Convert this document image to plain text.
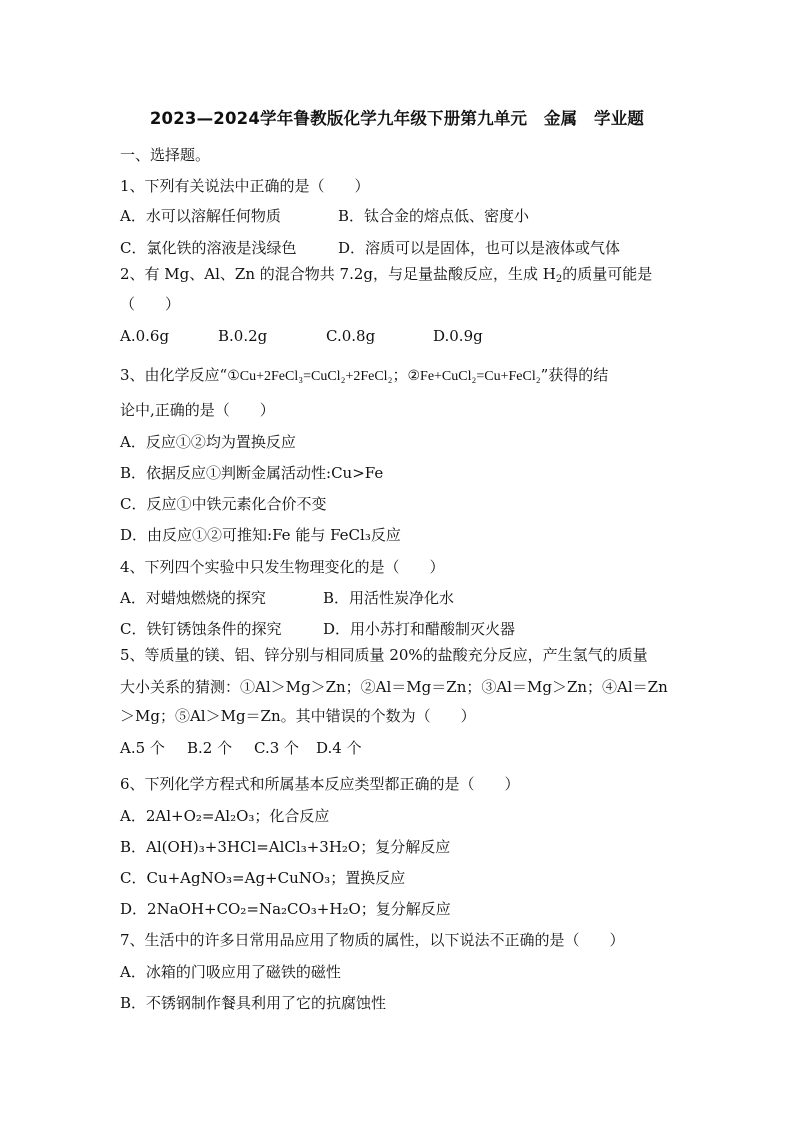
2023—2024学年鲁教版化学九年级下册第九单元　金属　学业题
一、选择题。
1、下列有关说法中正确的是（　　）
A．水可以溶解任何物质	B．钛合金的熔点低、密度小
C．氯化铁的溶液是浅绿色	D．溶质可以是固体，也可以是液体或气体
2、有 Mg、Al、Zn 的混合物共 7.2g，与足量盐酸反应，生成 $H_2$的质量可能是
（　　）
A.0.6g	B.0.2g	C.0.8g	D.0.9g
3、由化学反应“①Cu+2FeCl₃=CuCl₂+2FeCl₂；②Fe+CuCl₂=Cu+FeCl₂”获得的结
论中,正确的是（　　）
A．反应①②均为置换反应
B．依据反应①判断金属活动性:Cu>Fe
C．反应①中铁元素化合价不变
D．由反应①②可推知:Fe 能与 FeCl₃反应
4、下列四个实验中只发生物理变化的是（　　）
A．对蜡烛燃烧的探究	B．用活性炭净化水
C．铁钉锈蚀条件的探究	D．用小苏打和醋酸制灭火器
5、等质量的镁、铝、锌分别与相同质量 20%的盐酸充分反应，产生氢气的质量
大小关系的猜测：①Al＞Mg＞Zn；②Al＝Mg＝Zn；③Al＝Mg＞Zn；④Al＝Zn
＞Mg；⑤Al＞Mg＝Zn。其中错误的个数为（　　）
A.5 个 B.2 个 C.3 个 D.4 个
6、下列化学方程式和所属基本反应类型都正确的是（　　）
A．2Al+O₂=Al₂O₃；化合反应
B．Al(OH)₃+3HCl=AlCl₃+3H₂O；复分解反应
C．Cu+AgNO₃=Ag+CuNO₃；置换反应
D．2NaOH+CO₂=Na₂CO₃+H₂O；复分解反应
7、生活中的许多日常用品应用了物质的属性，以下说法不正确的是（　　）
A．冰箱的门吸应用了磁铁的磁性
B．不锈钢制作餐具利用了它的抗腐蚀性
